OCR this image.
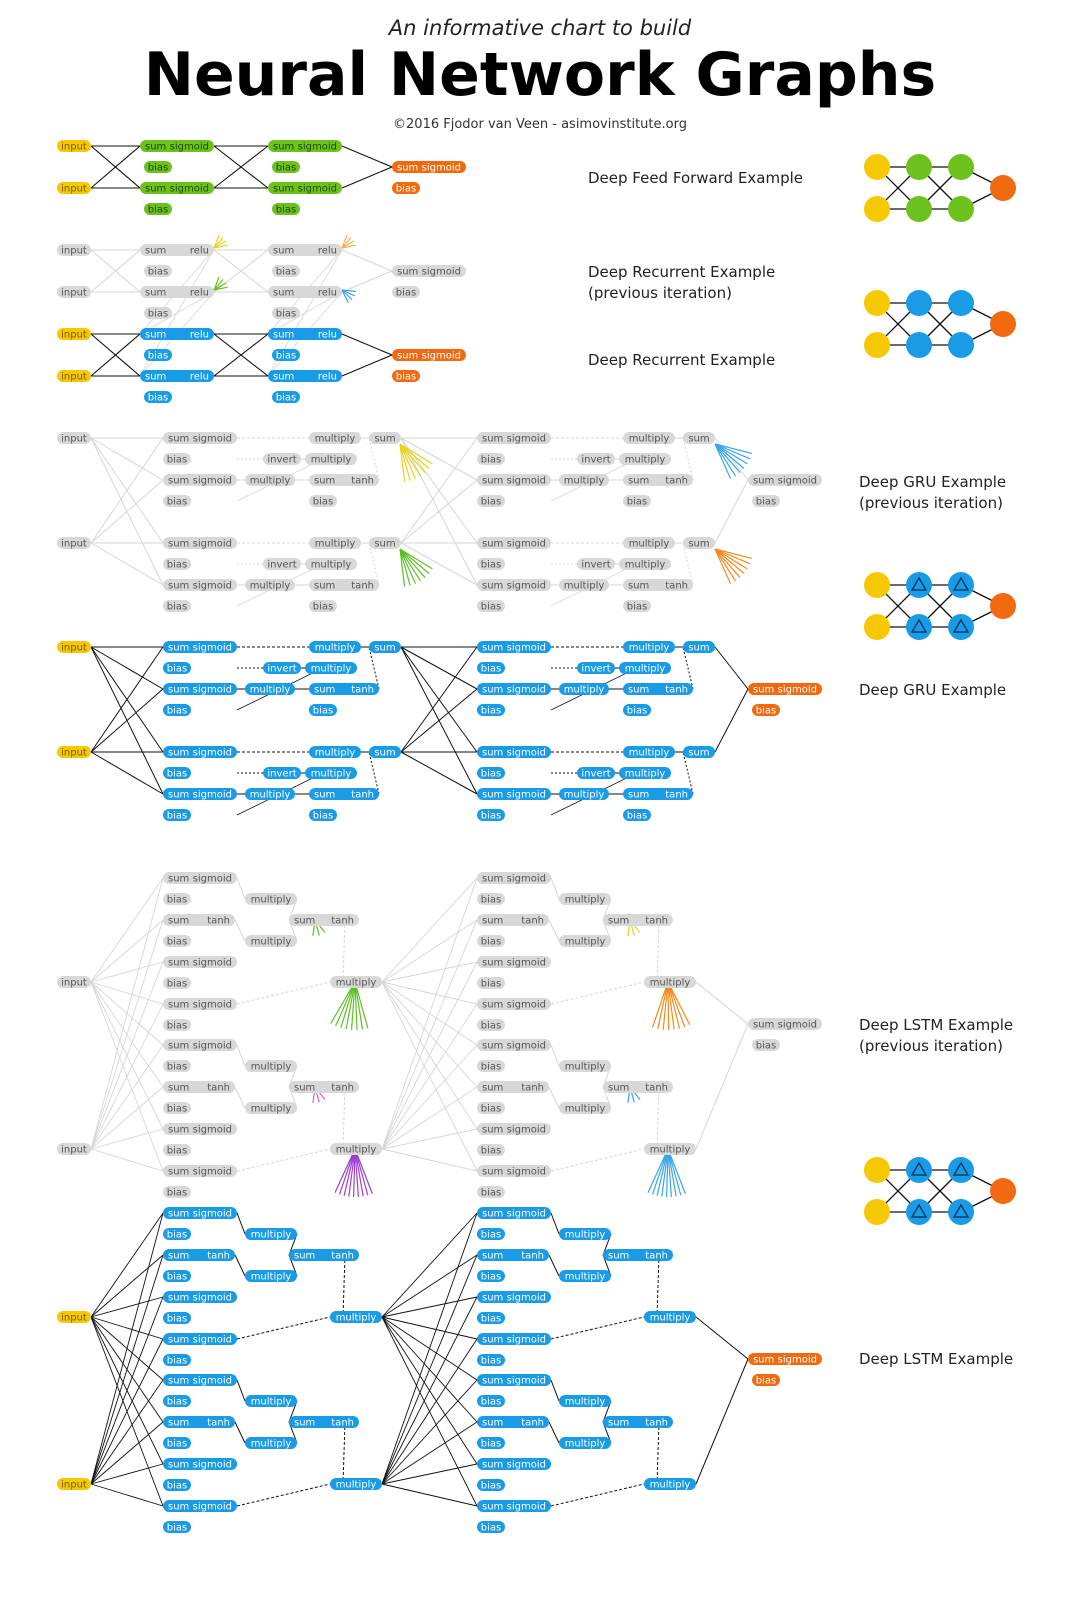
An informative chart to build
Neural Network Graphs
©2016 Fjodor van Veen - asimovinstitute.org
input
input
sum sigmoid
bias
sum sigmoid
bias
sum sigmoid
bias
sum sigmoid
bias
sum sigmoid
bias
input
input
sum relu
bias
sum relu
bias
sum relu
bias
sum relu
bias
sum sigmoid
bias
input
input
sum relu
bias
sum relu
bias
sum relu
bias
sum relu
bias
sum sigmoid
bias
input
input
sum sigmoid
bias
sum sigmoid
bias
invert
multiply
multiply
multiply
sum tanh
bias
sum
sum sigmoid
bias
sum sigmoid
bias
invert
multiply
multiply
multiply
sum tanh
bias
sum
sum sigmoid
bias
sum sigmoid
bias
invert
multiply
multiply
multiply
sum tanh
bias
sum
sum sigmoid
bias
sum sigmoid
bias
invert
multiply
multiply
multiply
sum tanh
bias
sum
sum sigmoid
bias
input
input
sum sigmoid
bias
sum sigmoid
bias
invert
multiply
multiply
multiply
sum tanh
bias
sum
sum sigmoid
bias
sum sigmoid
bias
invert
multiply
multiply
multiply
sum tanh
bias
sum
sum sigmoid
bias
sum sigmoid
bias
invert
multiply
multiply
multiply
sum tanh
bias
sum
sum sigmoid
bias
sum sigmoid
bias
invert
multiply
multiply
multiply
sum tanh
bias
sum
sum sigmoid
bias
input
input
sum sigmoid
bias
sum tanh
bias
sum sigmoid
bias
sum sigmoid
bias
multiply
multiply
sum tanh
multiply
sum sigmoid
bias
sum tanh
bias
sum sigmoid
bias
sum sigmoid
bias
multiply
multiply
sum tanh
multiply
sum sigmoid
bias
sum tanh
bias
sum sigmoid
bias
sum sigmoid
bias
multiply
multiply
sum tanh
multiply
sum sigmoid
bias
sum tanh
bias
sum sigmoid
bias
sum sigmoid
bias
multiply
multiply
sum tanh
multiply
sum sigmoid
bias
input
input
sum sigmoid
bias
sum tanh
bias
sum sigmoid
bias
sum sigmoid
bias
multiply
multiply
sum tanh
multiply
sum sigmoid
bias
sum tanh
bias
sum sigmoid
bias
sum sigmoid
bias
multiply
multiply
sum tanh
multiply
sum sigmoid
bias
sum tanh
bias
sum sigmoid
bias
sum sigmoid
bias
multiply
multiply
sum tanh
multiply
sum sigmoid
bias
sum tanh
bias
sum sigmoid
bias
sum sigmoid
bias
multiply
multiply
sum tanh
multiply
sum sigmoid
bias
Deep Feed Forward Example
Deep Recurrent Example
(previous iteration)
Deep Recurrent Example
Deep GRU Example
(previous iteration)
Deep GRU Example
Deep LSTM Example
(previous iteration)
Deep LSTM Example
